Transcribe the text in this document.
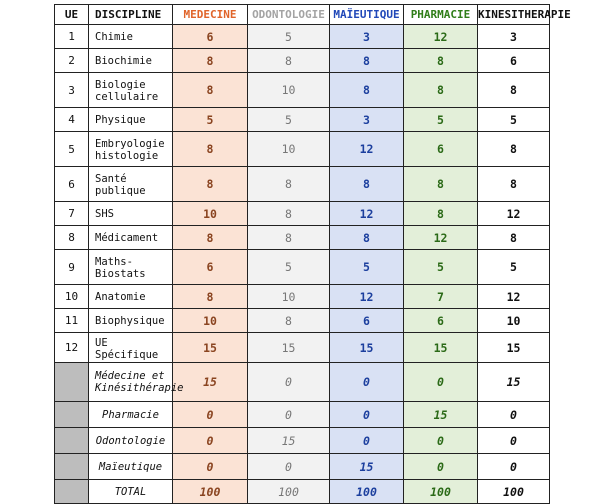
UE	DISCIPLINE	MEDECINE	ODONTOLOGIE	MAÏEUTIQUE	PHARMACIE	KINESITHERAPIE
1	Chimie	6	5	3	12	3
2	Biochimie	8	8	8	8	6
3	Biologie cellulaire	8	10	8	8	8
4	Physique	5	5	3	5	5
5	Embryologie histologie	8	10	12	6	8
6	Santé publique	8	8	8	8	8
7	SHS	10	8	12	8	12
8	Médicament	8	8	8	12	8
9	Maths-Biostats	6	5	5	5	5
10	Anatomie	8	10	12	7	12
11	Biophysique	10	8	6	6	10
12	UE Spécifique	15	15	15	15	15
	Médecine et Kinésithérapie	15	0	0	0	15
	Pharmacie	0	0	0	15	0
	Odontologie	0	15	0	0	0
	Maïeutique	0	0	15	0	0
	TOTAL	100	100	100	100	100
